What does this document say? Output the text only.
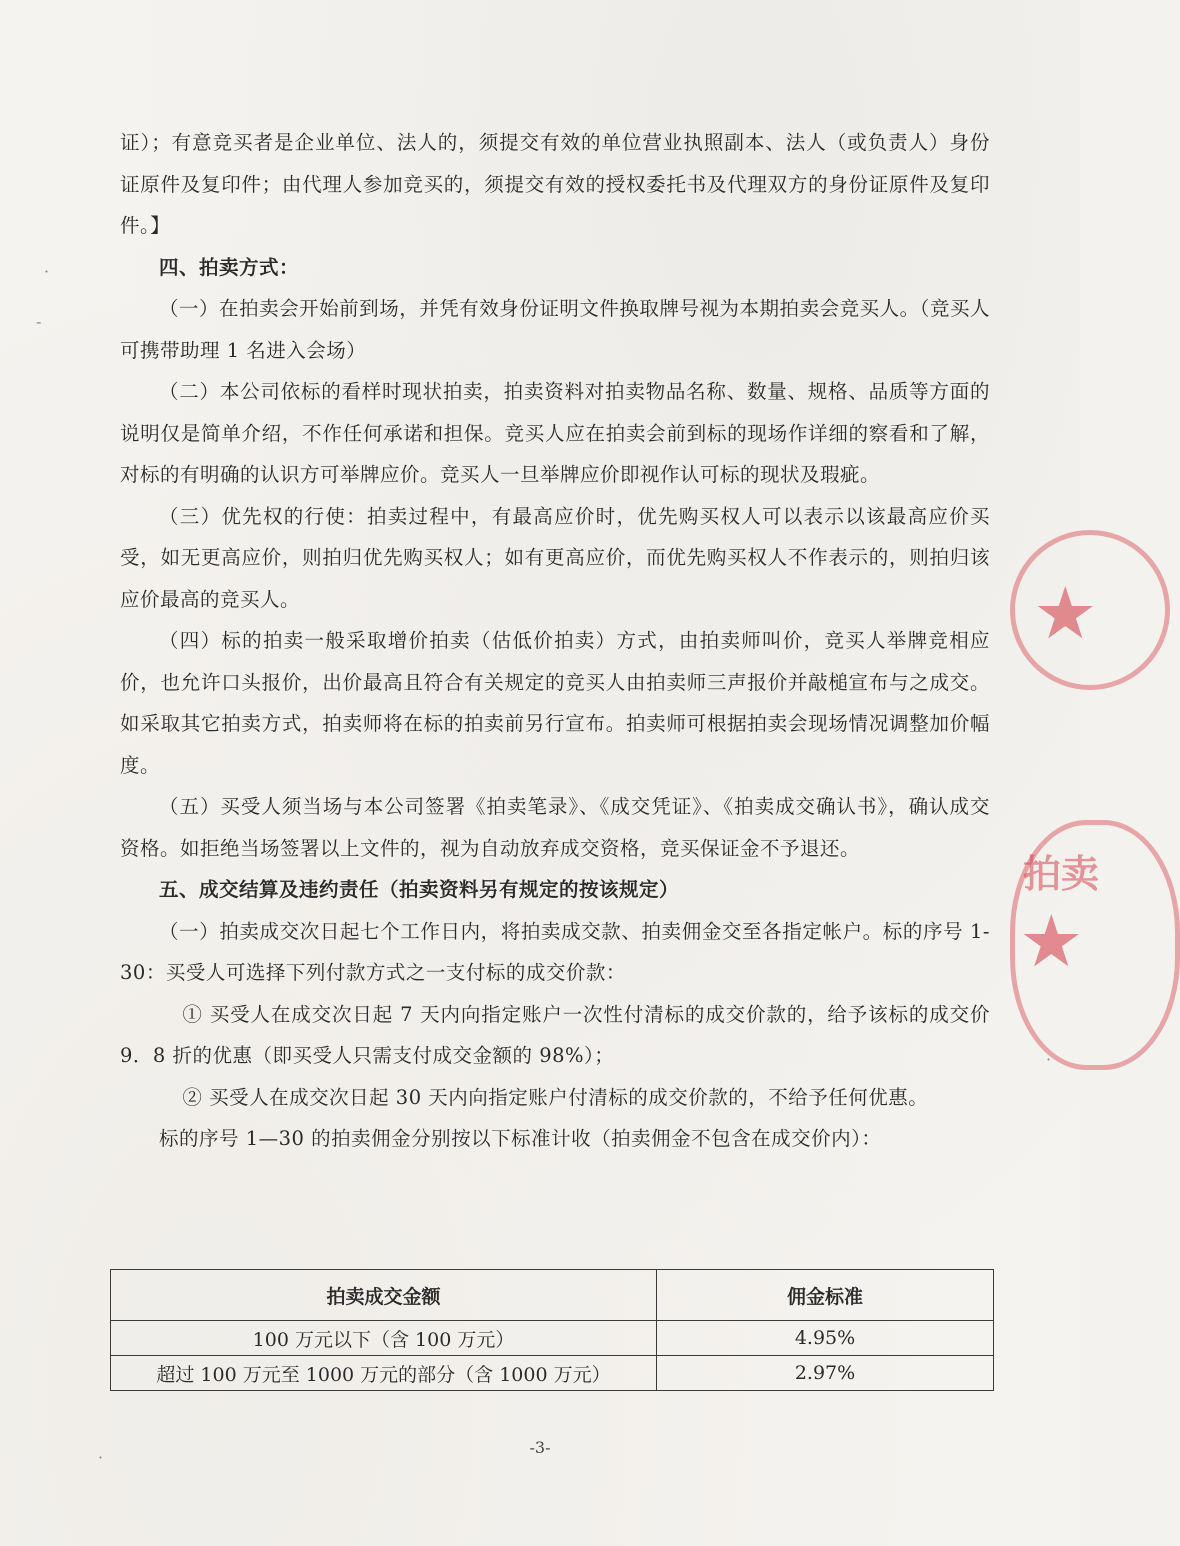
证）；有意竞买者是企业单位、法人的，须提交有效的单位营业执照副本、法人（或负责人）身份证原件及复印件；由代理人参加竞买的，须提交有效的授权委托书及代理双方的身份证原件及复印件。】

四、拍卖方式：

（一）在拍卖会开始前到场，并凭有效身份证明文件换取牌号视为本期拍卖会竞买人。（竞买人可携带助理 1 名进入会场）

（二）本公司依标的看样时现状拍卖，拍卖资料对拍卖物品名称、数量、规格、品质等方面的说明仅是简单介绍，不作任何承诺和担保。竞买人应在拍卖会前到标的现场作详细的察看和了解，对标的有明确的认识方可举牌应价。竞买人一旦举牌应价即视作认可标的现状及瑕疵。

（三）优先权的行使：拍卖过程中，有最高应价时，优先购买权人可以表示以该最高应价买受，如无更高应价，则拍归优先购买权人；如有更高应价，而优先购买权人不作表示的，则拍归该应价最高的竞买人。

（四）标的拍卖一般采取增价拍卖（估低价拍卖）方式，由拍卖师叫价，竞买人举牌竞相应价，也允许口头报价，出价最高且符合有关规定的竞买人由拍卖师三声报价并敲槌宣布与之成交。如采取其它拍卖方式，拍卖师将在标的拍卖前另行宣布。拍卖师可根据拍卖会现场情况调整加价幅度。

（五）买受人须当场与本公司签署《拍卖笔录》、《成交凭证》、《拍卖成交确认书》，确认成交资格。如拒绝当场签署以上文件的，视为自动放弃成交资格，竞买保证金不予退还。

五、成交结算及违约责任（拍卖资料另有规定的按该规定）

（一）拍卖成交次日起七个工作日内，将拍卖成交款、拍卖佣金交至各指定帐户。标的序号 1-30：买受人可选择下列付款方式之一支付标的成交价款：

① 买受人在成交次日起 7 天内向指定账户一次性付清标的成交价款的，给予该标的成交价 9．8 折的优惠（即买受人只需支付成交金额的 98%）；

② 买受人在成交次日起 30 天内向指定账户付清标的成交价款的，不给予任何优惠。

标的序号 1—30 的拍卖佣金分别按以下标准计收（拍卖佣金不包含在成交价内）：

拍卖成交金额	佣金标准
100 万元以下（含 100 万元）	4.95%
超过 100 万元至 1000 万元的部分（含 1000 万元）	2.97%
-3-
★
拍卖
★
·
-
·
·
